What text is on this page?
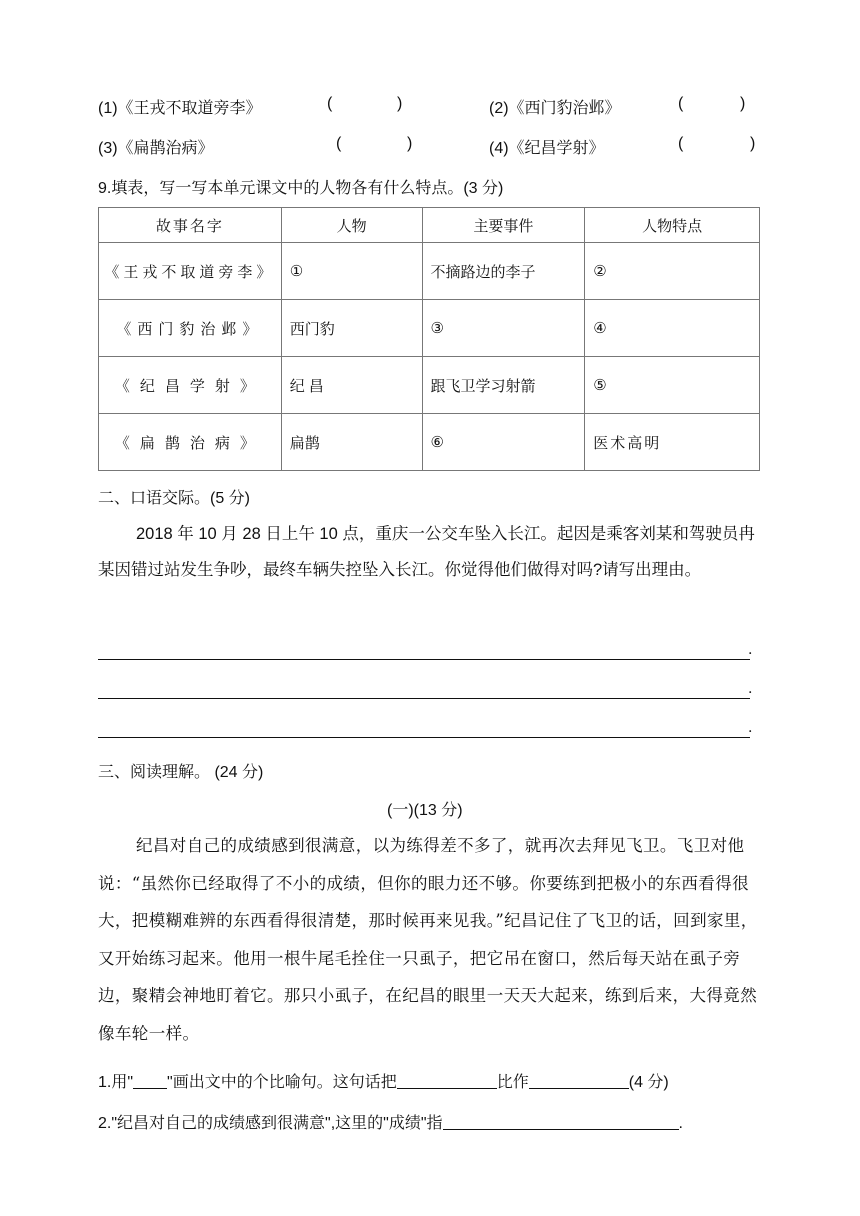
(1)《王戎不取道旁李》	(	)	(2)《西门豹治邺》	(	)
(3)《扁鹊治病》	(	)	(4)《纪昌学射》	(	)
9.填表，写一写本单元课文中的人物各有什么特点。(3 分)
故事名字	人物	主要事件	人物特点
《王戎不取道旁李》	①	不摘路边的李子	②
《西门豹治邺》	西门豹	③	④
《纪昌学射》	纪昌	跟飞卫学习射箭	⑤
《扁鹊治病》	扁鹊	⑥	医术高明
二、口语交际。(5 分)
2018 年 10 月 28 日上午 10 点，重庆一公交车坠入长江。起因是乘客刘某和驾驶员冉某因错过站发生争吵，最终车辆失控坠入长江。你觉得他们做得对吗?请写出理由。
.
.
.
三、阅读理解。 (24 分)
(一)(13 分)
纪昌对自己的成绩感到很满意，以为练得差不多了，就再次去拜见飞卫。飞卫对他说：“虽然你已经取得了不小的成绩，但你的眼力还不够。你要练到把极小的东西看得很大，把模糊难辨的东西看得很清楚，那时候再来见我。”纪昌记住了飞卫的话，回到家里，又开始练习起来。他用一根牛尾毛拴住一只虱子，把它吊在窗口，然后每天站在虱子旁边，聚精会神地盯着它。那只小虱子，在纪昌的眼里一天天大起来，练到后来，大得竟然像车轮一样。
1.用" "画出文中的个比喻句。这句话把	比作	(4 分)
2."纪昌对自己的成绩感到很满意",这里的"成绩"指	.
